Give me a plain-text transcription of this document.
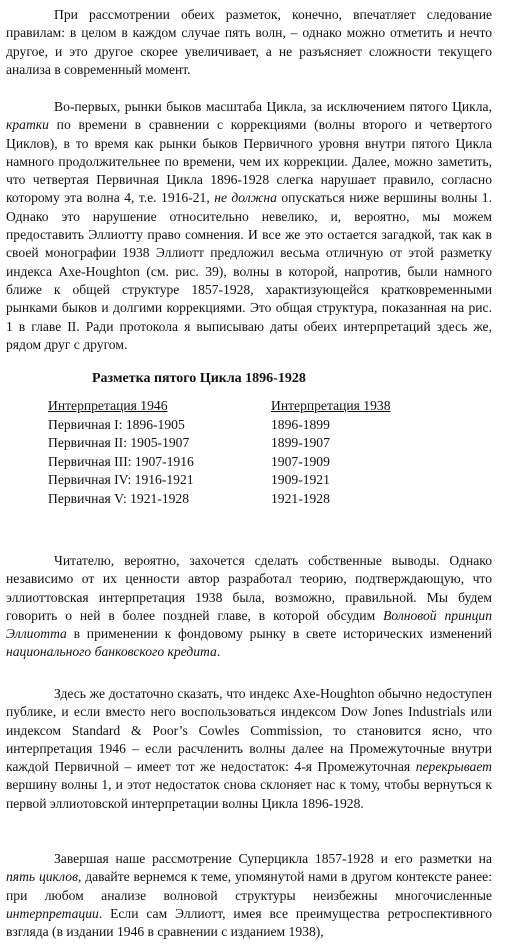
При рассмотрении обеих разметок, конечно, впечатляет следование правилам: в целом в каждом случае пять волн, – однако можно отметить и нечто другое, и это другое скорее увеличивает, а не разъясняет сложности текущего анализа в современный момент.

Во-первых, рынки быков масштаба Цикла, за исключением пятого Цикла, кратки по времени в сравнении с коррекциями (волны второго и четвертого Циклов), в то время как рынки быков Первичного уровня внутри пятого Цикла намного продолжительнее по времени, чем их коррекции. Далее, можно заметить, что четвертая Первичная Цикла 1896-1928 слегка нарушает правило, согласно которому эта волна 4, т.е. 1916-21, не должна опускаться ниже вершины волны 1. Однако это нарушение относительно невелико, и, вероятно, мы можем предоставить Эллиотту право сомнения. И все же это остается загадкой, так как в своей монографии 1938 Эллиотт предложил весьма отличную от этой разметку индекса Axe-Houghton (см. рис. 39), волны в которой, напротив, были намного ближе к общей структуре 1857-1928, характизующейся кратковременными рынками быков и долгими коррекциями. Это общая структура, показанная на рис. 1 в главе II. Ради протокола я выписываю даты обеих интерпретаций здесь же, рядом друг с другом.

Разметка пятого Цикла 1896-1928

Интерпретация 1946	Интерпретация 1938
Первичная I: 1896-1905	1896-1899
Первичная II: 1905-1907	1899-1907
Первичная III: 1907-1916	1907-1909
Первичная IV: 1916-1921	1909-1921
Первичная V: 1921-1928	1921-1928

Читателю, вероятно, захочется сделать собственные выводы. Однако независимо от их ценности автор разработал теорию, подтверждающую, что эллиоттовская интерпретация 1938 была, возможно, правильной. Мы будем говорить о ней в более поздней главе, в которой обсудим Волновой принцип Эллиотта в применении к фондовому рынку в свете исторических изменений национального банковского кредита.

Здесь же достаточно сказать, что индекс Axe-Houghton обычно недоступен публике, и если вместо него воспользоваться индексом Dow Jones Industrials или индексом Standard & Poor’s Cowles Commission, то становится ясно, что интерпретация 1946 – если расчленить волны далее на Промежуточные внутри каждой Первичной – имеет тот же недостаток: 4-я Промежуточная перекрывает вершину волны 1, и этот недостаток снова склоняет нас к тому, чтобы вернуться к первой эллиотовской интерпретации волны Цикла 1896-1928.

Завершая наше рассмотрение Суперцикла 1857-1928 и его разметки на пять циклов, давайте вернемся к теме, упомянутой нами в другом контексте ранее: при любом анализе волновой структуры неизбежны многочисленные интерпретации. Если сам Эллиотт, имея все преимущества ретроспективного взгляда (в издании 1946 в сравнении с изданием 1938),
